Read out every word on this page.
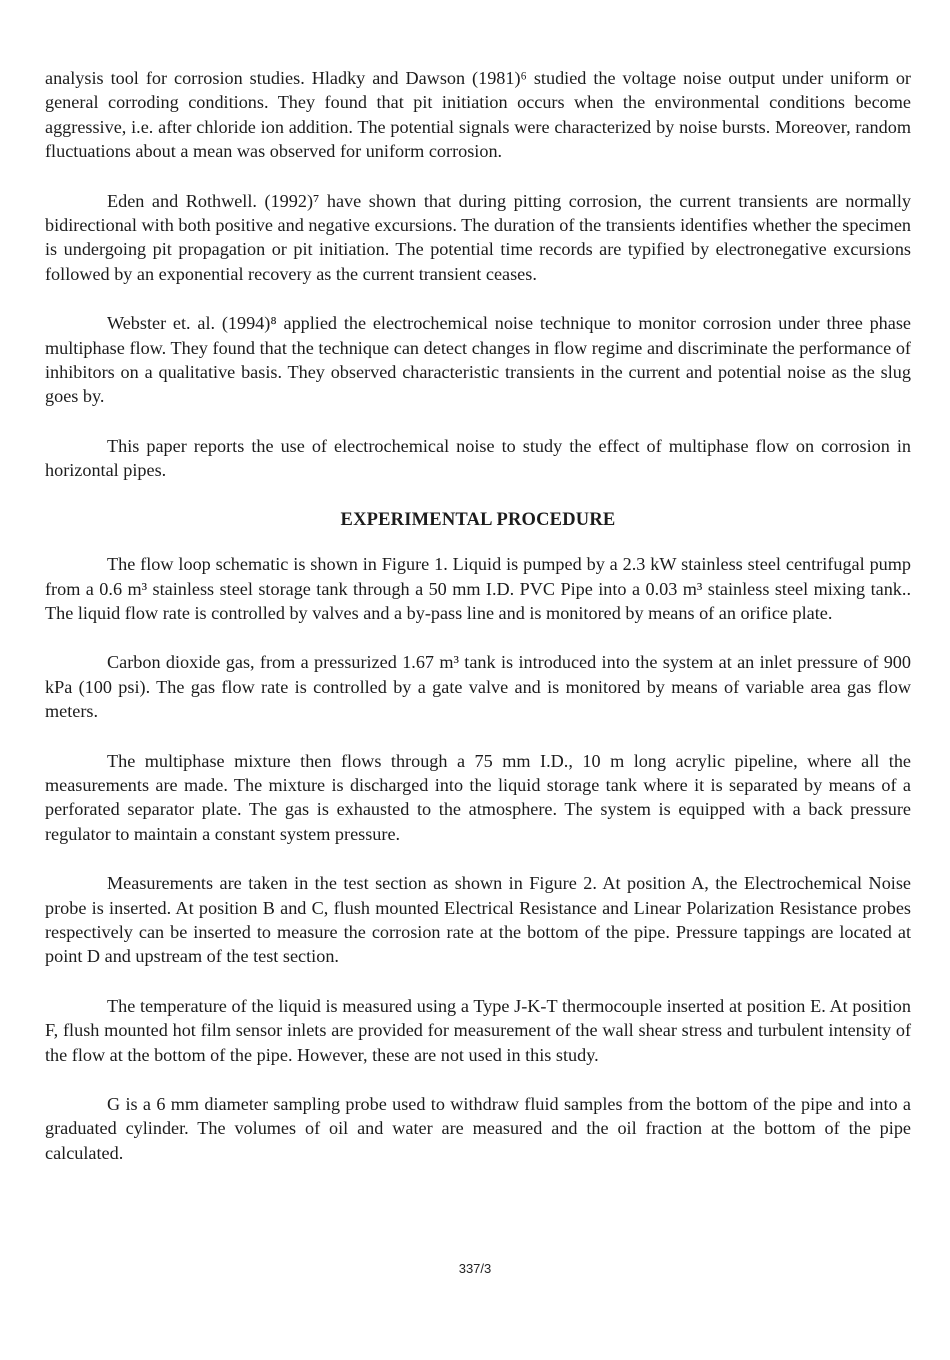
analysis tool for corrosion studies. Hladky and Dawson (1981)⁶ studied the voltage noise output under uniform or general corroding conditions. They found that pit initiation occurs when the environmental conditions become aggressive, i.e. after chloride ion addition. The potential signals were characterized by noise bursts. Moreover, random fluctuations about a mean was observed for uniform corrosion.

Eden and Rothwell. (1992)⁷ have shown that during pitting corrosion, the current transients are normally bidirectional with both positive and negative excursions. The duration of the transients identifies whether the specimen is undergoing pit propagation or pit initiation. The potential time records are typified by electronegative excursions followed by an exponential recovery as the current transient ceases.

Webster et. al. (1994)⁸ applied the electrochemical noise technique to monitor corrosion under three phase multiphase flow. They found that the technique can detect changes in flow regime and discriminate the performance of inhibitors on a qualitative basis. They observed characteristic transients in the current and potential noise as the slug goes by.

This paper reports the use of electrochemical noise to study the effect of multiphase flow on corrosion in horizontal pipes.

EXPERIMENTAL PROCEDURE

The flow loop schematic is shown in Figure 1. Liquid is pumped by a 2.3 kW stainless steel centrifugal pump from a 0.6 m³ stainless steel storage tank through a 50 mm I.D. PVC Pipe into a 0.03 m³ stainless steel mixing tank.. The liquid flow rate is controlled by valves and a by-pass line and is monitored by means of an orifice plate.

Carbon dioxide gas, from a pressurized 1.67 m³ tank is introduced into the system at an inlet pressure of 900 kPa (100 psi). The gas flow rate is controlled by a gate valve and is monitored by means of variable area gas flow meters.

The multiphase mixture then flows through a 75 mm I.D., 10 m long acrylic pipeline, where all the measurements are made. The mixture is discharged into the liquid storage tank where it is separated by means of a perforated separator plate. The gas is exhausted to the atmosphere. The system is equipped with a back pressure regulator to maintain a constant system pressure.

Measurements are taken in the test section as shown in Figure 2. At position A, the Electrochemical Noise probe is inserted. At position B and C, flush mounted Electrical Resistance and Linear Polarization Resistance probes respectively can be inserted to measure the corrosion rate at the bottom of the pipe. Pressure tappings are located at point D and upstream of the test section.

The temperature of the liquid is measured using a Type J-K-T thermocouple inserted at position E. At position F, flush mounted hot film sensor inlets are provided for measurement of the wall shear stress and turbulent intensity of the flow at the bottom of the pipe. However, these are not used in this study.

G is a 6 mm diameter sampling probe used to withdraw fluid samples from the bottom of the pipe and into a graduated cylinder. The volumes of oil and water are measured and the oil fraction at the bottom of the pipe calculated.

337/3
